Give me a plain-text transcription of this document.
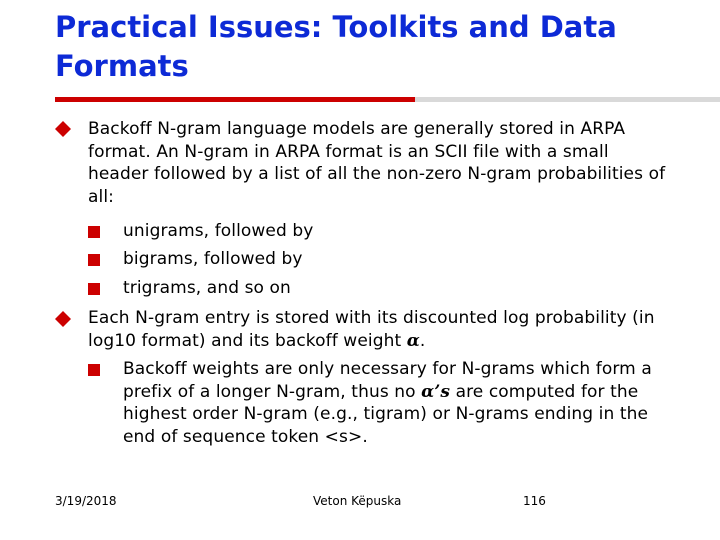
Practical Issues: Toolkits and Data Formats
Backoff N-gram language models are generally stored in ARPA format. An N-gram in ARPA format is an SCII file with a small header followed by a list of all the non-zero N-gram probabilities of all:
unigrams, followed by
bigrams, followed by
trigrams, and so on
Each N-gram entry is stored with its discounted log probability (in log10 format) and its backoff weight α.
Backoff weights are only necessary for N-grams which form a prefix of a longer N-gram, thus no α’s are computed for the highest order N-gram (e.g., tigram) or N-grams ending in the end of sequence token <s>.
3/19/2018	Veton Këpuska	116
